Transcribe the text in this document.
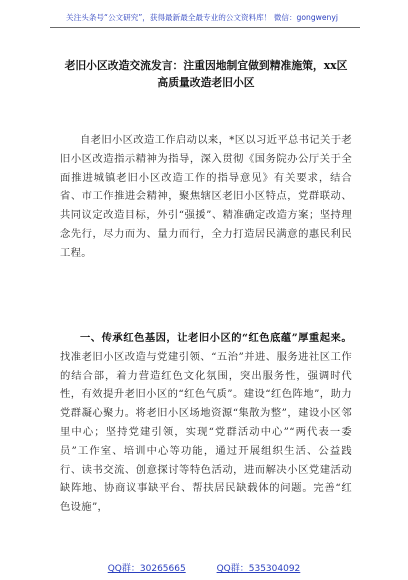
关注头条号“公文研究”，获得最新最全最专业的公文资料库！ 微信：gongwenyj
老旧小区改造交流发言：注重因地制宜做到精准施策，xx区高质量改造老旧小区
自老旧小区改造工作启动以来，*区以习近平总书记关于老旧小区改造指示精神为指导，深入贯彻《国务院办公厅关于全面推进城镇老旧小区改造工作的指导意见》有关要求，结合省、市工作推进会精神，聚焦辖区老旧小区特点，党群联动、共同议定改造目标，外引“强援”、精准确定改造方案；坚持理念先行，尽力而为、量力而行，全力打造居民满意的惠民利民工程。
一、传承红色基因，让老旧小区的“红色底蕴”厚重起来。找准老旧小区改造与党建引领、“五治”并进、服务进社区工作的结合部，着力营造红色文化氛围，突出服务性，强调时代性，有效提升老旧小区的“红色气质”。建设“红色阵地”，助力党群凝心聚力。将老旧小区场地资源“集散为整”，建设小区邻里中心；坚持党建引领，实现“党群活动中心”“两代表一委员”工作室、培训中心等功能，通过开展组织生活、公益践行、读书交流、创意探讨等特色活动，进而解决小区党建活动缺阵地、协商议事缺平台、帮扶居民缺载体的问题。完善“红色设施”，
QQ群：30265665	QQ群：535304092
